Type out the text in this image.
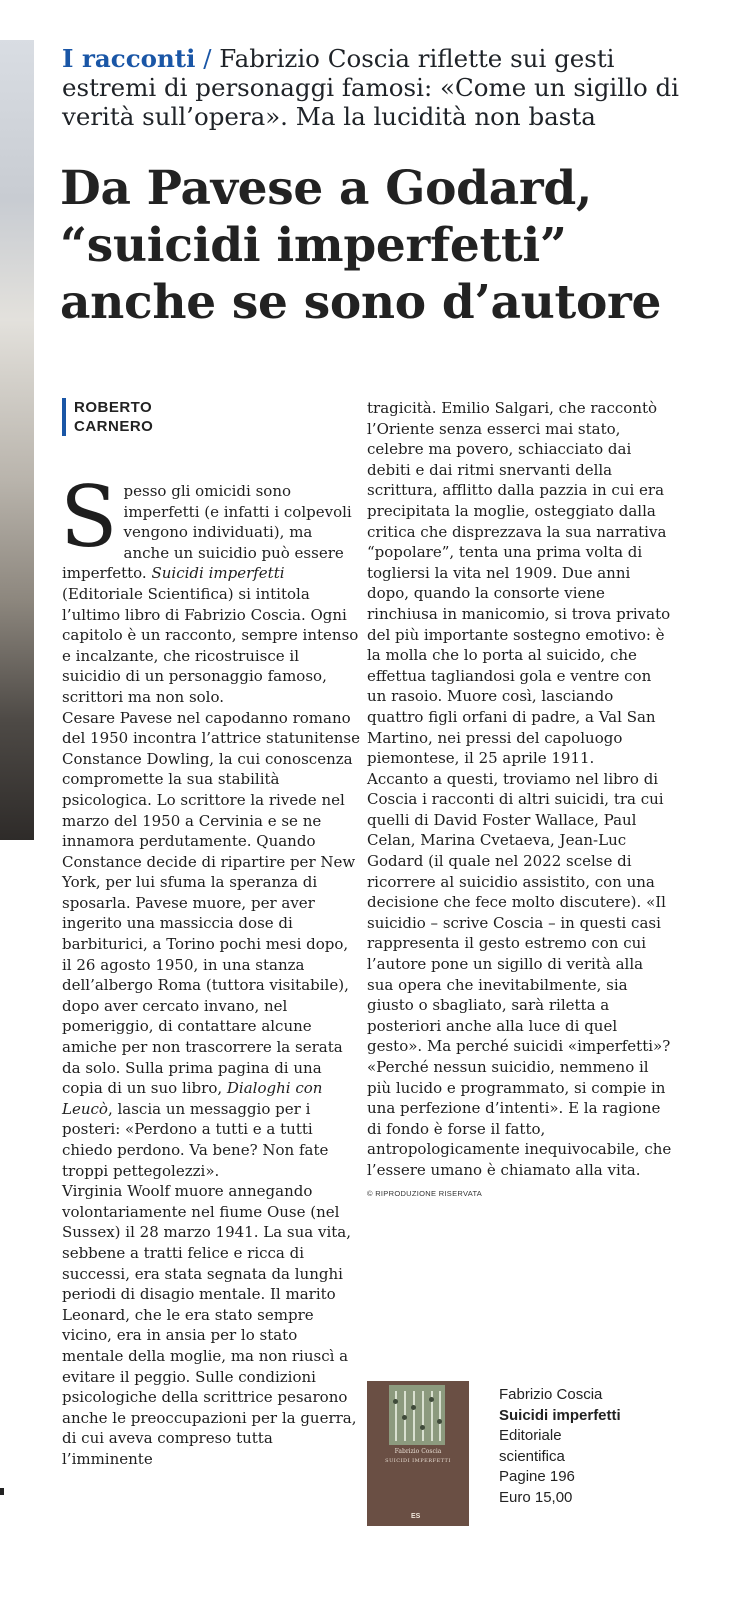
I racconti / Fabrizio Coscia riflette sui gesti estremi di personaggi famosi: «Come un sigillo di verità sull’opera». Ma la lucidità non basta
Da Pavese a Godard,
“suicidi imperfetti”
anche se sono d’autore
ROBERTO
CARNERO

Spesso gli omicidi sono imperfetti (e infatti i colpevoli vengono individuati), ma anche un suicidio può essere imperfetto. Suicidi imperfetti (Editoriale Scientifica) si intitola l’ultimo libro di Fabrizio Coscia. Ogni capitolo è un racconto, sempre intenso e incalzante, che ricostruisce il suicidio di un personaggio famoso, scrittori ma non solo.

Cesare Pavese nel capodanno romano del 1950 incontra l’attrice statunitense Constance Dowling, la cui conoscenza compromette la sua stabilità psicologica. Lo scrittore la rivede nel marzo del 1950 a Cervinia e se ne innamora perdutamente. Quando Constance decide di ripartire per New York, per lui sfuma la speranza di sposarla. Pavese muore, per aver ingerito una massiccia dose di barbiturici, a Torino pochi mesi dopo, il 26 agosto 1950, in una stanza dell’albergo Roma (tuttora visitabile), dopo aver cercato invano, nel pomeriggio, di contattare alcune amiche per non trascorrere la serata da solo. Sulla prima pagina di una copia di un suo libro, Dialoghi con Leucò, lascia un messaggio per i posteri: «Perdono a tutti e a tutti chiedo perdono. Va bene? Non fate troppi pettegolezzi».

Virginia Woolf muore annegando volontariamente nel fiume Ouse (nel Sussex) il 28 marzo 1941. La sua vita, sebbene a tratti felice e ricca di successi, era stata segnata da lunghi periodi di disagio mentale. Il marito Leonard, che le era stato sempre vicino, era in ansia per lo stato mentale della moglie, ma non riuscì a evitare il peggio. Sulle condizioni psicologiche della scrittrice pesarono anche le preoccupazioni per la guerra, di cui aveva compreso tutta l’imminente

tragicità. Emilio Salgari, che raccontò l’Oriente senza esserci mai stato, celebre ma povero, schiacciato dai debiti e dai ritmi snervanti della scrittura, afflitto dalla pazzia in cui era precipitata la moglie, osteggiato dalla critica che disprezzava la sua narrativa “popolare”, tenta una prima volta di togliersi la vita nel 1909. Due anni dopo, quando la consorte viene rinchiusa in manicomio, si trova privato del più importante sostegno emotivo: è la molla che lo porta al suicido, che effettua tagliandosi gola e ventre con un rasoio. Muore così, lasciando quattro figli orfani di padre, a Val San Martino, nei pressi del capoluogo piemontese, il 25 aprile 1911.

Accanto a questi, troviamo nel libro di Coscia i racconti di altri suicidi, tra cui quelli di David Foster Wallace, Paul Celan, Marina Cvetaeva, Jean-Luc Godard (il quale nel 2022 scelse di ricorrere al suicidio assistito, con una decisione che fece molto discutere). «Il suicidio – scrive Coscia – in questi casi rappresenta il gesto estremo con cui l’autore pone un sigillo di verità alla sua opera che inevitabilmente, sia giusto o sbagliato, sarà riletta a posteriori anche alla luce di quel gesto». Ma perché suicidi «imperfetti»? «Perché nessun suicidio, nemmeno il più lucido e programmato, si compie in una perfezione d’intenti». E la ragione di fondo è forse il fatto, antropologicamente inequivocabile, che l’essere umano è chiamato alla vita.

© RIPRODUZIONE RISERVATA
Fabrizio Coscia
SUICIDI IMPERFETTI
ES
Fabrizio Coscia
Suicidi imperfetti
Editoriale
scientifica
Pagine 196
Euro 15,00
